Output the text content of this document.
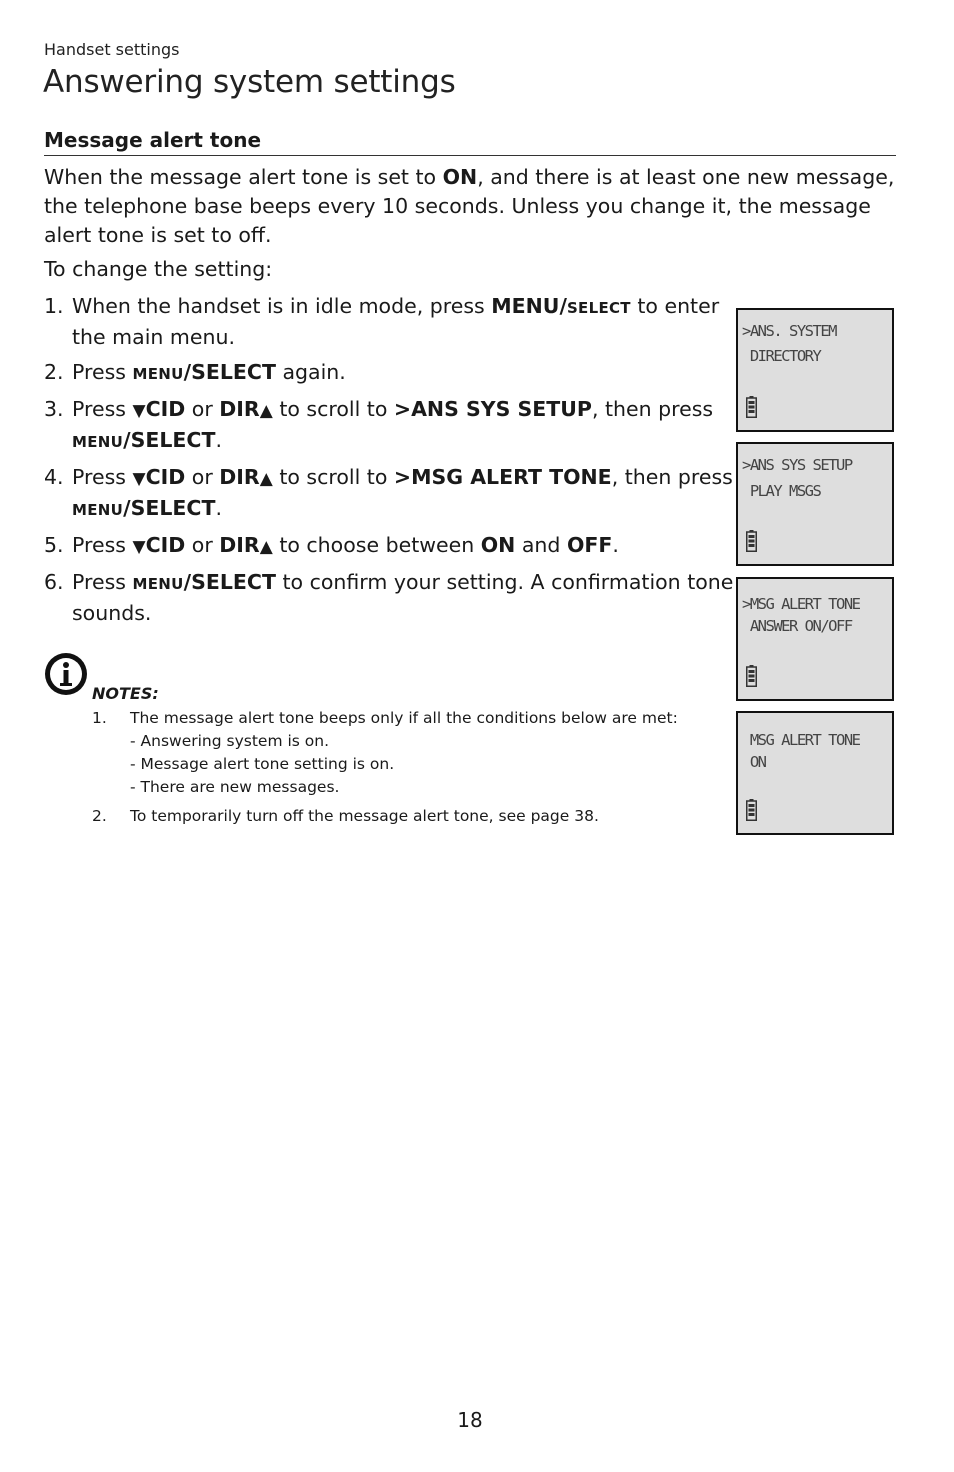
Handset settings
Answering system settings
Message alert tone

When the message alert tone is set to ON, and there is at least one new message, the telephone base beeps every 10 seconds. Unless you change it, the message alert tone is set to off.

To change the setting:

1. When the handset is in idle mode, press MENU/SELECT to enter the main menu.
2. Press MENU/SELECT again.
3. Press ▼CID or DIR▲ to scroll to >ANS SYS SETUP, then press MENU/SELECT.
4. Press ▼CID or DIR▲ to scroll to >MSG ALERT TONE, then press MENU/SELECT.
5. Press ▼CID or DIR▲ to choose between ON and OFF.
6. Press MENU/SELECT to confirm your setting. A confirmation tone sounds.
NOTES:
1. The message alert tone beeps only if all the conditions below are met:
- Answering system is on.
- Message alert tone setting is on.
- There are new messages.
2. To temporarily turn off the message alert tone, see page 38.
>ANS. SYSTEM
DIRECTORY
>ANS SYS SETUP
PLAY MSGS
>MSG ALERT TONE
ANSWER ON/OFF
MSG ALERT TONE
ON
18
